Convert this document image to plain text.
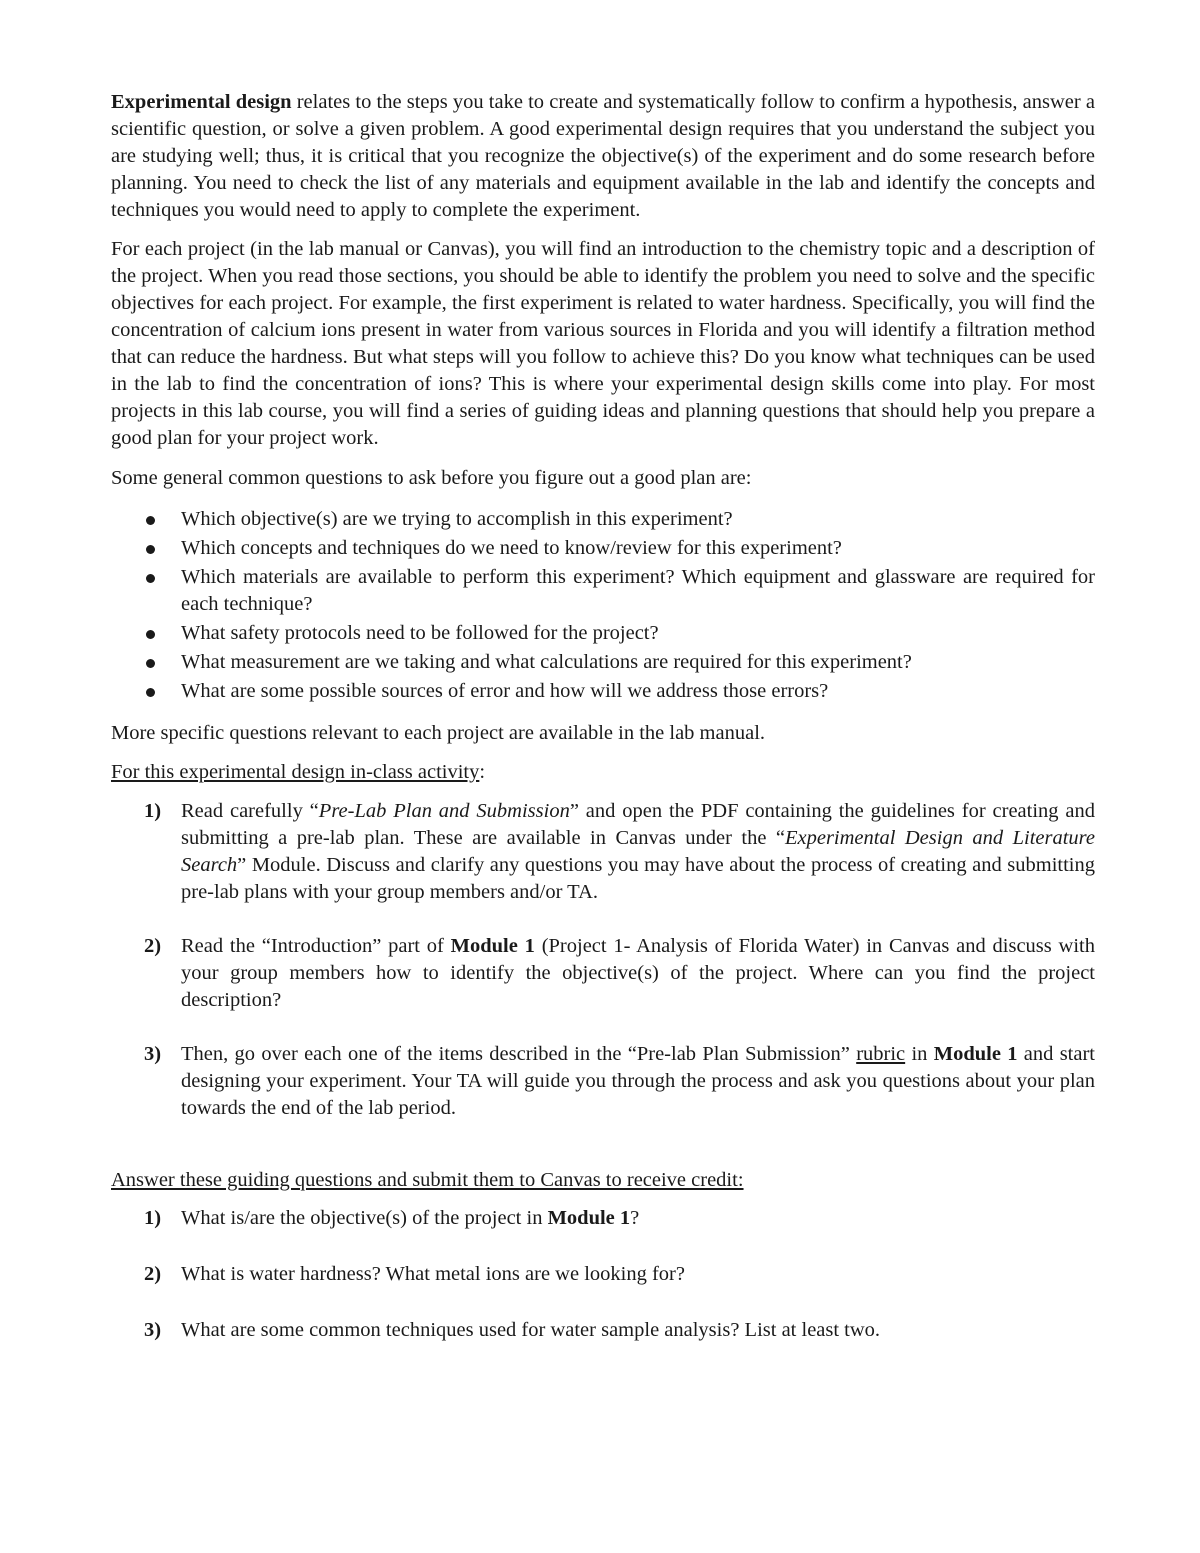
Experimental design relates to the steps you take to create and systematically follow to confirm a hypothesis, answer a scientific question, or solve a given problem. A good experimental design requires that you understand the subject you are studying well; thus, it is critical that you recognize the objective(s) of the experiment and do some research before planning. You need to check the list of any materials and equipment available in the lab and identify the concepts and techniques you would need to apply to complete the experiment.

For each project (in the lab manual or Canvas), you will find an introduction to the chemistry topic and a description of the project. When you read those sections, you should be able to identify the problem you need to solve and the specific objectives for each project. For example, the first experiment is related to water hardness. Specifically, you will find the concentration of calcium ions present in water from various sources in Florida and you will identify a filtration method that can reduce the hardness. But what steps will you follow to achieve this? Do you know what techniques can be used in the lab to find the concentration of ions? This is where your experimental design skills come into play. For most projects in this lab course, you will find a series of guiding ideas and planning questions that should help you prepare a good plan for your project work.

Some general common questions to ask before you figure out a good plan are:

Which objective(s) are we trying to accomplish in this experiment?
Which concepts and techniques do we need to know/review for this experiment?
Which materials are available to perform this experiment? Which equipment and glassware are required for each technique?
What safety protocols need to be followed for the project?
What measurement are we taking and what calculations are required for this experiment?
What are some possible sources of error and how will we address those errors?

More specific questions relevant to each project are available in the lab manual.

For this experimental design in-class activity:

1) Read carefully “Pre-Lab Plan and Submission” and open the PDF containing the guidelines for creating and submitting a pre-lab plan. These are available in Canvas under the “Experimental Design and Literature Search” Module. Discuss and clarify any questions you may have about the process of creating and submitting pre-lab plans with your group members and/or TA.
2) Read the “Introduction” part of Module 1 (Project 1- Analysis of Florida Water) in Canvas and discuss with your group members how to identify the objective(s) of the project. Where can you find the project description?
3) Then, go over each one of the items described in the “Pre-lab Plan Submission” rubric in Module 1 and start designing your experiment. Your TA will guide you through the process and ask you questions about your plan towards the end of the lab period.

Answer these guiding questions and submit them to Canvas to receive credit:

1) What is/are the objective(s) of the project in Module 1?
2) What is water hardness? What metal ions are we looking for?
3) What are some common techniques used for water sample analysis? List at least two.
